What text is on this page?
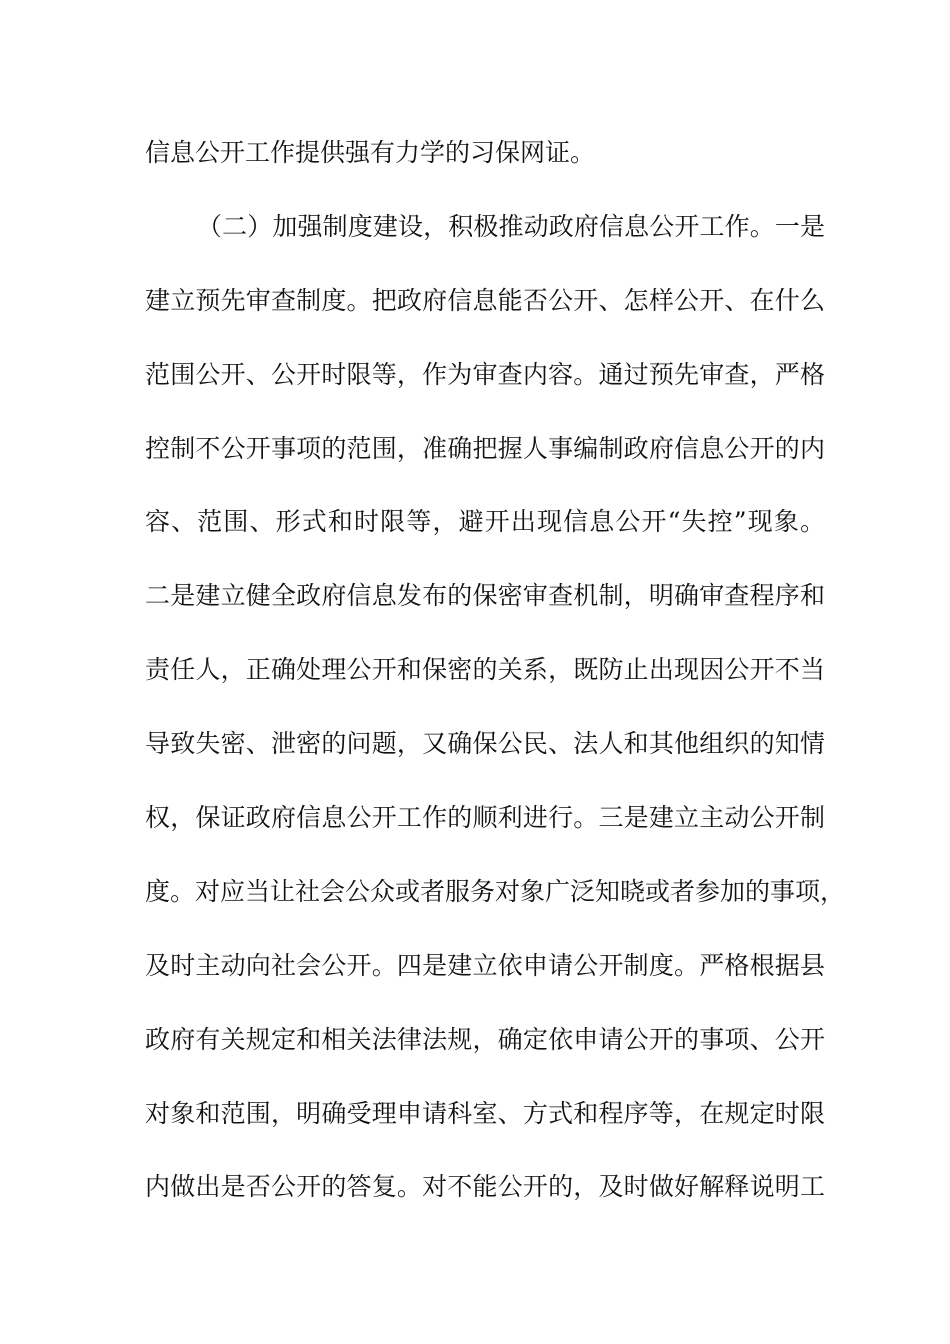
信息公开工作提供强有力学的习保网证。
（二）加强制度建设，积极推动政府信息公开工作。一是
建立预先审查制度。把政府信息能否公开、怎样公开、在什么
范围公开、公开时限等，作为审查内容。通过预先审查，严格
控制不公开事项的范围，准确把握人事编制政府信息公开的内
容、范围、形式和时限等，避开出现信息公开“失控”现象。
二是建立健全政府信息发布的保密审查机制，明确审查程序和
责任人，正确处理公开和保密的关系，既防止出现因公开不当
导致失密、泄密的问题，又确保公民、法人和其他组织的知情
权，保证政府信息公开工作的顺利进行。三是建立主动公开制
度。对应当让社会公众或者服务对象广泛知晓或者参加的事项，
及时主动向社会公开。四是建立依申请公开制度。严格根据县
政府有关规定和相关法律法规，确定依申请公开的事项、公开
对象和范围，明确受理申请科室、方式和程序等，在规定时限
内做出是否公开的答复。对不能公开的，及时做好解释说明工
